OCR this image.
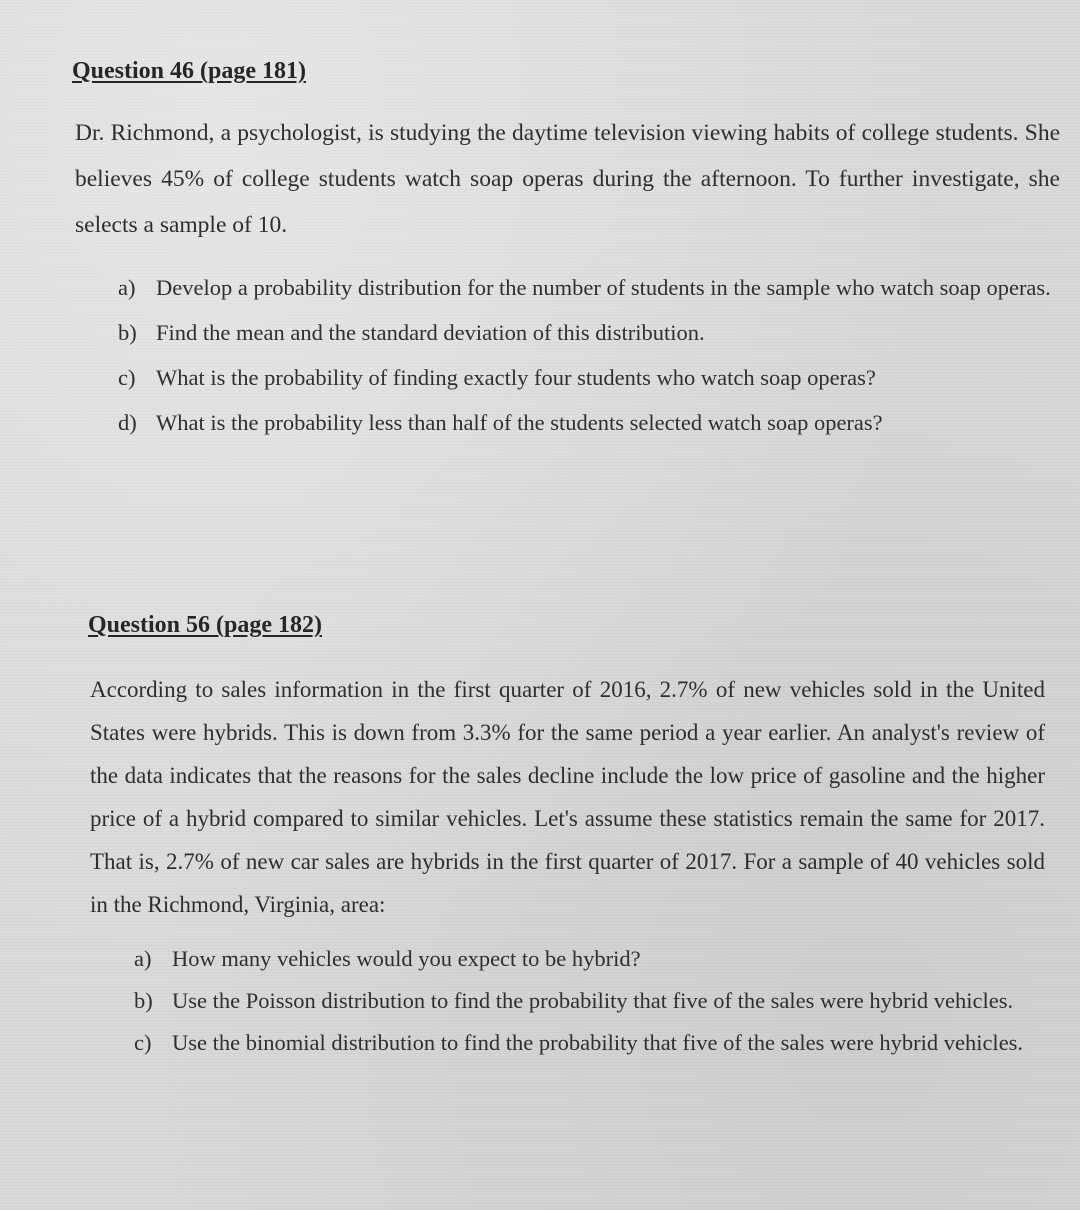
Question 46 (page 181)
Dr. Richmond, a psychologist, is studying the daytime television viewing habits of college students. She believes 45% of college students watch soap operas during the afternoon. To further investigate, she selects a sample of 10.
a) Develop a probability distribution for the number of students in the sample who watch soap operas.
b) Find the mean and the standard deviation of this distribution.
c) What is the probability of finding exactly four students who watch soap operas?
d) What is the probability less than half of the students selected watch soap operas?
Question 56 (page 182)
According to sales information in the first quarter of 2016, 2.7% of new vehicles sold in the United States were hybrids. This is down from 3.3% for the same period a year earlier. An analyst's review of the data indicates that the reasons for the sales decline include the low price of gasoline and the higher price of a hybrid compared to similar vehicles. Let's assume these statistics remain the same for 2017. That is, 2.7% of new car sales are hybrids in the first quarter of 2017. For a sample of 40 vehicles sold in the Richmond, Virginia, area:
a) How many vehicles would you expect to be hybrid?
b) Use the Poisson distribution to find the probability that five of the sales were hybrid vehicles.
c) Use the binomial distribution to find the probability that five of the sales were hybrid vehicles.
